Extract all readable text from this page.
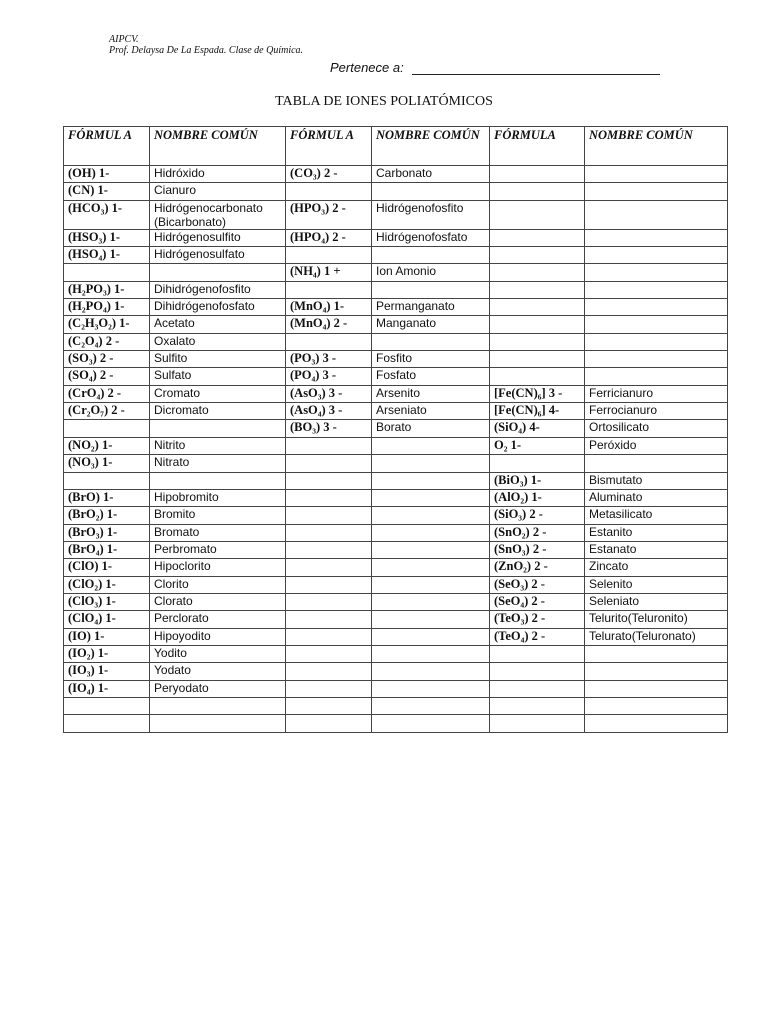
AIPCV.
Prof. Delaysa De La Espada. Clase de Química.
Pertenece a:
TABLA DE IONES POLIATÓMICOS
FÓRMUL A	NOMBRE COMÚN	FÓRMUL A	NOMBRE COMÚN	FÓRMULA	NOMBRE COMÚN
(OH) 1-	Hidróxido	(CO₃) 2 -	Carbonato		
(CN) 1-	Cianuro				
(HCO₃) 1-	Hidrógenocarbonato (Bicarbonato)	(HPO₃) 2 -	Hidrógenofosfito		
(HSO₃) 1-	Hidrógenosulfito	(HPO₄) 2 -	Hidrógenofosfato		
(HSO₄) 1-	Hidrógenosulfato				
		(NH₄) 1 +	Ion Amonio		
(H₂PO₃) 1-	Dihidrógenofosfito				
(H₂PO₄) 1-	Dihidrógenofosfato	(MnO₄) 1-	Permanganato		
(C₂H₃O₂) 1-	Acetato	(MnO₄) 2 -	Manganato		
(C₂O₄) 2 -	Oxalato				
(SO₃) 2 -	Sulfito	(PO₃) 3 -	Fosfito		
(SO₄) 2 -	Sulfato	(PO₄) 3 -	Fosfato		
(CrO₄) 2 -	Cromato	(AsO₃) 3 -	Arsenito	[Fe(CN)₆] 3 -	Ferricianuro
(Cr₂O₇) 2 -	Dicromato	(AsO₄) 3 -	Arseniato	[Fe(CN)₆] 4-	Ferrocianuro
		(BO₃) 3 -	Borato	(SiO₄) 4-	Ortosilicato
(NO₂) 1-	Nitrito			O₂ 1-	Peróxido
(NO₃) 1-	Nitrato				
				(BiO₃) 1-	Bismutato
(BrO) 1-	Hipobromito			(AlO₂) 1-	Aluminato
(BrO₂) 1-	Bromito			(SiO₃) 2 -	Metasilicato
(BrO₃) 1-	Bromato			(SnO₂) 2 -	Estanito
(BrO₄) 1-	Perbromato			(SnO₃) 2 -	Estanato
(ClO) 1-	Hipoclorito			(ZnO₂) 2 -	Zincato
(ClO₂) 1-	Clorito			(SeO₃) 2 -	Selenito
(ClO₃) 1-	Clorato			(SeO₄) 2 -	Seleniato
(ClO₄) 1-	Perclorato			(TeO₃) 2 -	Telurito(Teluronito)
(IO) 1-	Hipoyodito			(TeO₄) 2 -	Telurato(Teluronato)
(IO₂) 1-	Yodito				
(IO₃) 1-	Yodato				
(IO₄) 1-	Peryodato				
